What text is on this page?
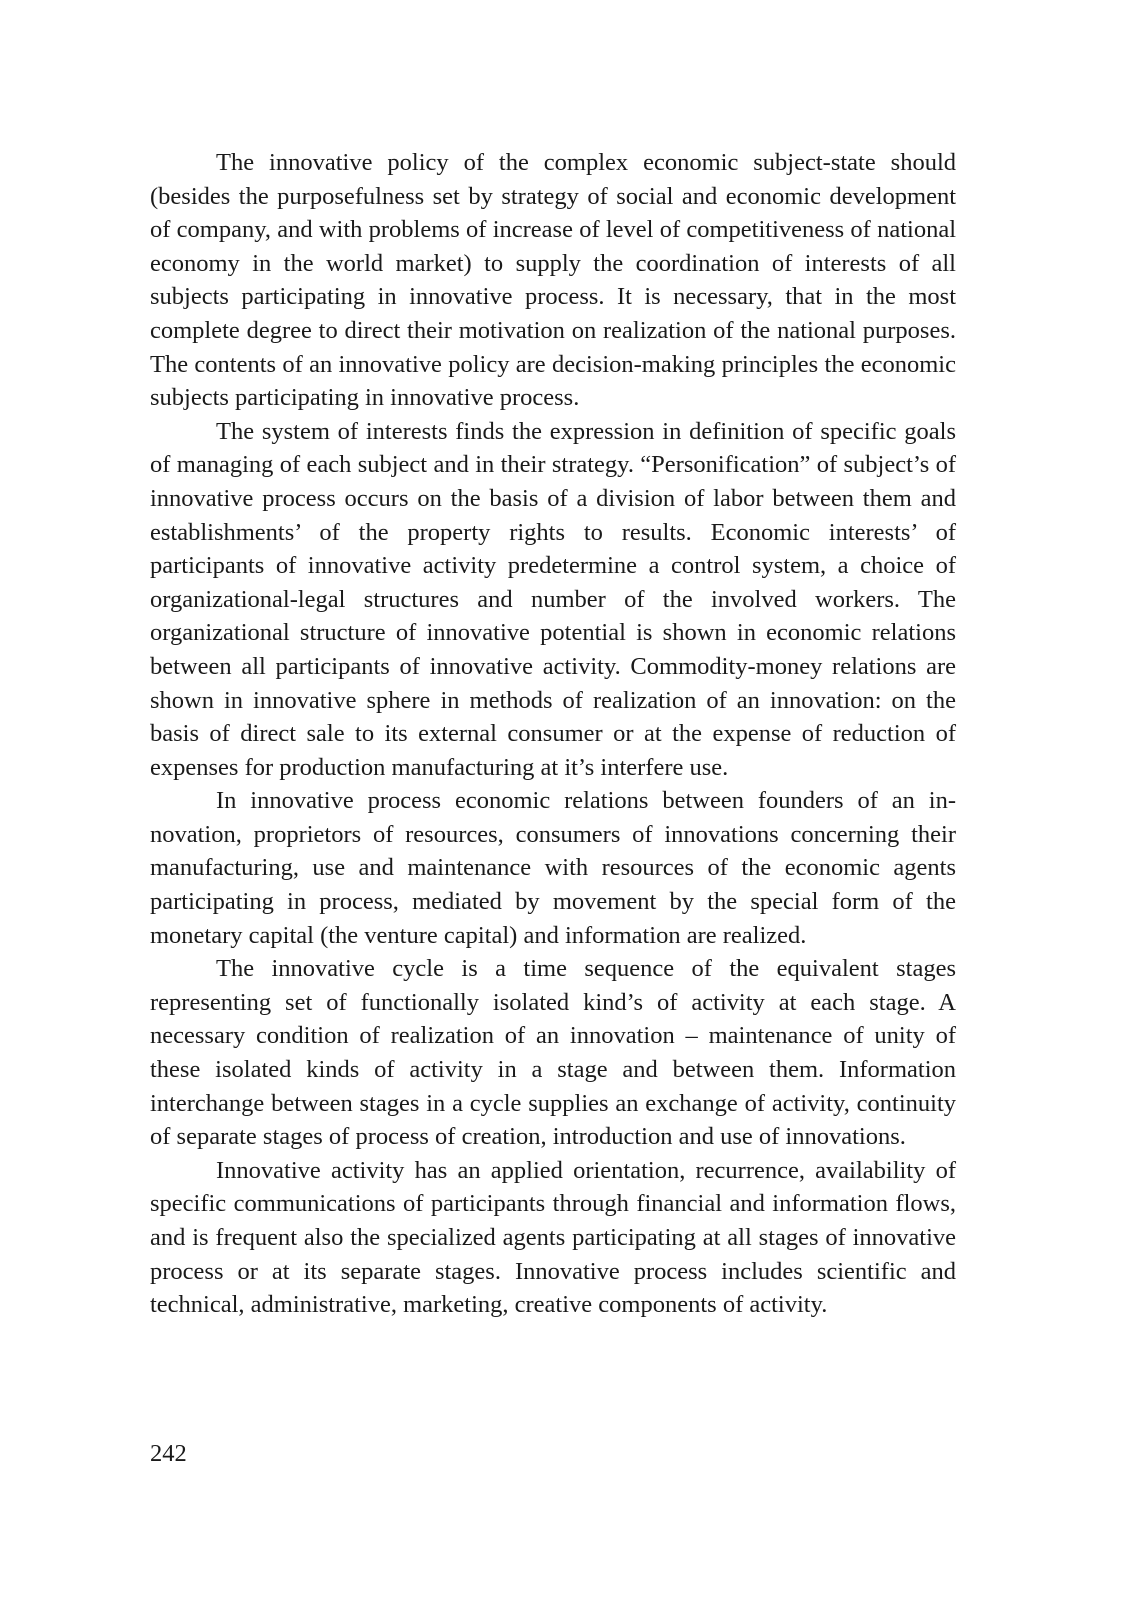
The innovative policy of the complex economic subject-state should (besides the purposefulness set by strategy of social and economic development of company, and with problems of increase of level of competitiveness of national economy in the world market) to supply the coordination of interests of all subjects participating in innovative process. It is necessary, that in the most complete degree to direct their motivation on realization of the national purposes. The contents of an innovative policy are decision-making principles the economic subjects participating in innovative process.

The system of interests finds the expression in definition of specific goals of managing of each subject and in their strategy. “Personification” of subject’s of innovative process occurs on the basis of a division of labor between them and establishments’ of the property rights to results. Economic interests’ of participants of innovative activity predetermine a control system, a choice of organizational-legal structures and number of the involved workers. The organizational structure of innovative potential is shown in economic relations between all participants of innovative activity. Commodity-money relations are shown in innovative sphere in methods of realization of an innovation: on the basis of direct sale to its external consumer or at the expense of reduction of expenses for production manufacturing at it’s interfere use.

In innovative process economic relations between founders of an innovation, proprietors of resources, consumers of innovations concerning their manufacturing, use and maintenance with resources of the economic agents participating in process, mediated by movement by the special form of the monetary capital (the venture capital) and information are realized.

The innovative cycle is a time sequence of the equivalent stages representing set of functionally isolated kind’s of activity at each stage. A necessary condition of realization of an innovation – maintenance of unity of these isolated kinds of activity in a stage and between them. Information interchange between stages in a cycle supplies an exchange of activity, continuity of separate stages of process of creation, introduction and use of innovations.

Innovative activity has an applied orientation, recurrence, availability of specific communications of participants through financial and information flows, and is frequent also the specialized agents participating at all stages of innovative process or at its separate stages. Innovative process includes scientific and technical, administrative, marketing, creative components of activity.

242
